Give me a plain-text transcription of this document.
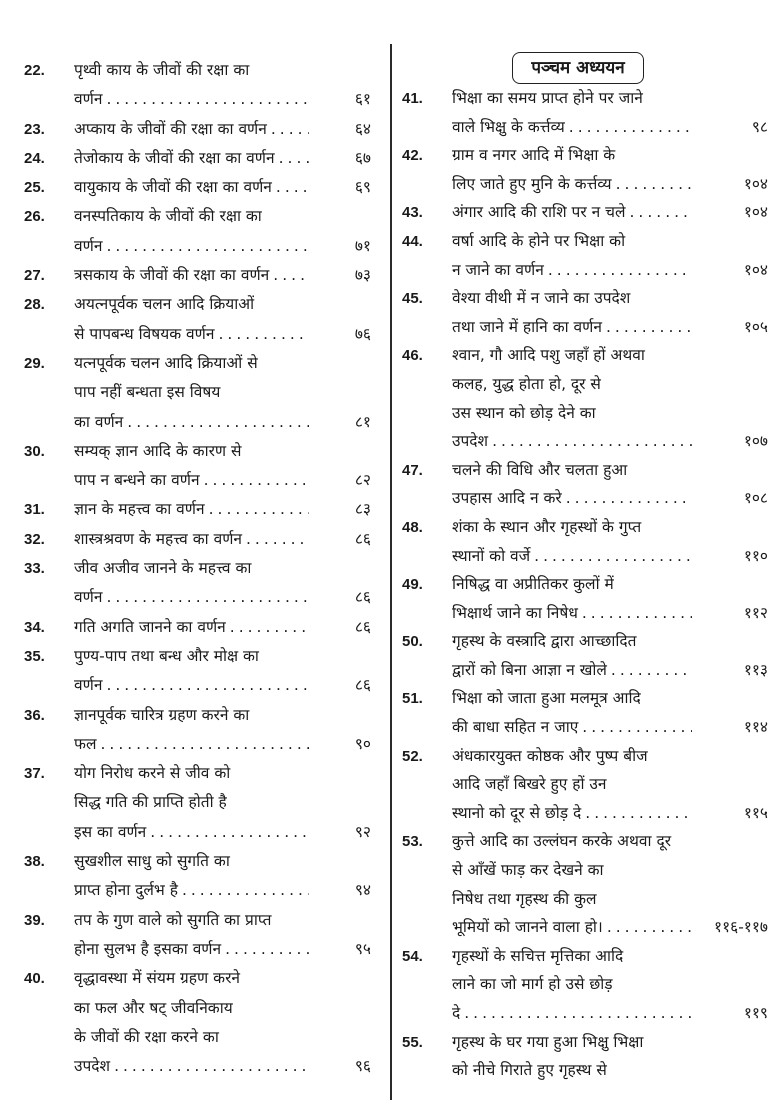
22.	पृथ्वी काय के जीवों की रक्षा का
वर्णन .....	६१
23.	अप्काय के जीवों की रक्षा का वर्णन .....	६४
24.	तेजोकाय के जीवों की रक्षा का वर्णन .....	६७
25.	वायुकाय के जीवों की रक्षा का वर्णन .....	६९
26.	वनस्पतिकाय के जीवों की रक्षा का
वर्णन .....	७१
27.	त्रसकाय के जीवों की रक्षा का वर्णन .....	७३
28.	अयत्नपूर्वक चलन आदि क्रियाओं
से पापबन्ध विषयक वर्णन .....	७६
29.	यत्नपूर्वक चलन आदि क्रियाओं से
पाप नहीं बन्धता इस विषय
का वर्णन .....	८१
30.	सम्यक् ज्ञान आदि के कारण से
पाप न बन्धने का वर्णन .....	८२
31.	ज्ञान के महत्त्व का वर्णन .....	८३
32.	शास्त्रश्रवण के महत्त्व का वर्णन .....	८६
33.	जीव अजीव जानने के महत्त्व का
वर्णन .....	८६
34.	गति अगति जानने का वर्णन .....	८६
35.	पुण्य-पाप तथा बन्ध और मोक्ष का
वर्णन .....	८६
36.	ज्ञानपूर्वक चारित्र ग्रहण करने का
फल .....	९०
37.	योग निरोध करने से जीव को
सिद्ध गति की प्राप्ति होती है
इस का वर्णन .....	९२
38.	सुखशील साधु को सुगति का
प्राप्त होना दुर्लभ है .....	९४
39.	तप के गुण वाले को सुगति का प्राप्त
होना सुलभ है इसका वर्णन .....	९५
40.	वृद्धावस्था में संयम ग्रहण करने
का फल और षट् जीवनिकाय
के जीवों की रक्षा करने का
उपदेश .....	९६
पञ्चम अध्ययन
41.	भिक्षा का समय प्राप्त होने पर जाने
वाले भिक्षु के कर्त्तव्य .....	९८
42.	ग्राम व नगर आदि में भिक्षा के
लिए जाते हुए मुनि के कर्त्तव्य .....	१०४
43.	अंगार आदि की राशि पर न चले .....	१०४
44.	वर्षा आदि के होने पर भिक्षा को
न जाने का वर्णन .....	१०४
45.	वेश्या वीथी में न जाने का उपदेश
तथा जाने में हानि का वर्णन .....	१०५
46.	श्वान, गौ आदि पशु जहाँ हों अथवा
कलह, युद्ध होता हो, दूर से
उस स्थान को छोड़ देने का
उपदेश .....	१०७
47.	चलने की विधि और चलता हुआ
उपहास आदि न करे .....	१०८
48.	शंका के स्थान और गृहस्थों के गुप्त
स्थानों को वर्जे .....	११०
49.	निषिद्ध वा अप्रीतिकर कुलों में
भिक्षार्थ जाने का निषेध .....	११२
50.	गृहस्थ के वस्त्रादि द्वारा आच्छादित
द्वारों को बिना आज्ञा न खोले .....	११३
51.	भिक्षा को जाता हुआ मलमूत्र आदि
की बाधा सहित न जाए .....	११४
52.	अंधकारयुक्त कोष्ठक और पुष्प बीज
आदि जहाँ बिखरे हुए हों उन
स्थानो को दूर से छोड़ दे .....	११५
53.	कुत्ते आदि का उल्लंघन करके अथवा दूर
से आँखें फाड़ कर देखने का
निषेध तथा गृहस्थ की कुल
भूमियों को जानने वाला हो। .....	११६-११७
54.	गृहस्थों के सचित्त मृत्तिका आदि
लाने का जो मार्ग हो उसे छोड़
दे .....	११९
55.	गृहस्थ के घर गया हुआ भिक्षु भिक्षा
को नीचे गिराते हुए गृहस्थ से
